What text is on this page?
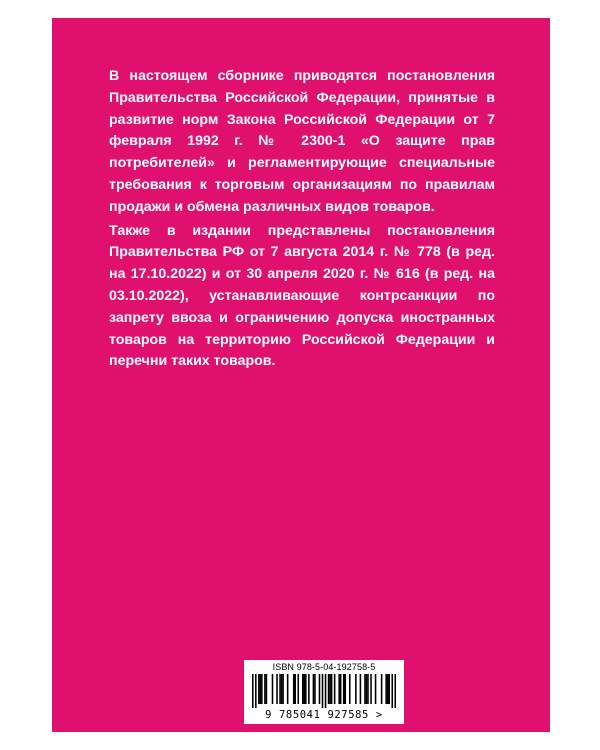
В настоящем сборнике приводятся постановления Правительства Российской Федерации, принятые в развитие норм Закона Российской Федерации от 7 февраля 1992 г. № 2300-1 «О защите прав потребителей» и регламентирующие специальные требования к торговым организациям по правилам продажи и обмена различных видов товаров.

Также в издании представлены постановления Правительства РФ от 7 августа 2014 г. № 778 (в ред. на 17.10.2022) и от 30 апреля 2020 г. № 616 (в ред. на 03.10.2022), устанавливающие контрсанкции по запрету ввоза и ограничению допуска иностранных товаров на территорию Российской Федерации и перечни таких товаров.

ISBN 978-5-04-192758-5
9 785041 927585 >
